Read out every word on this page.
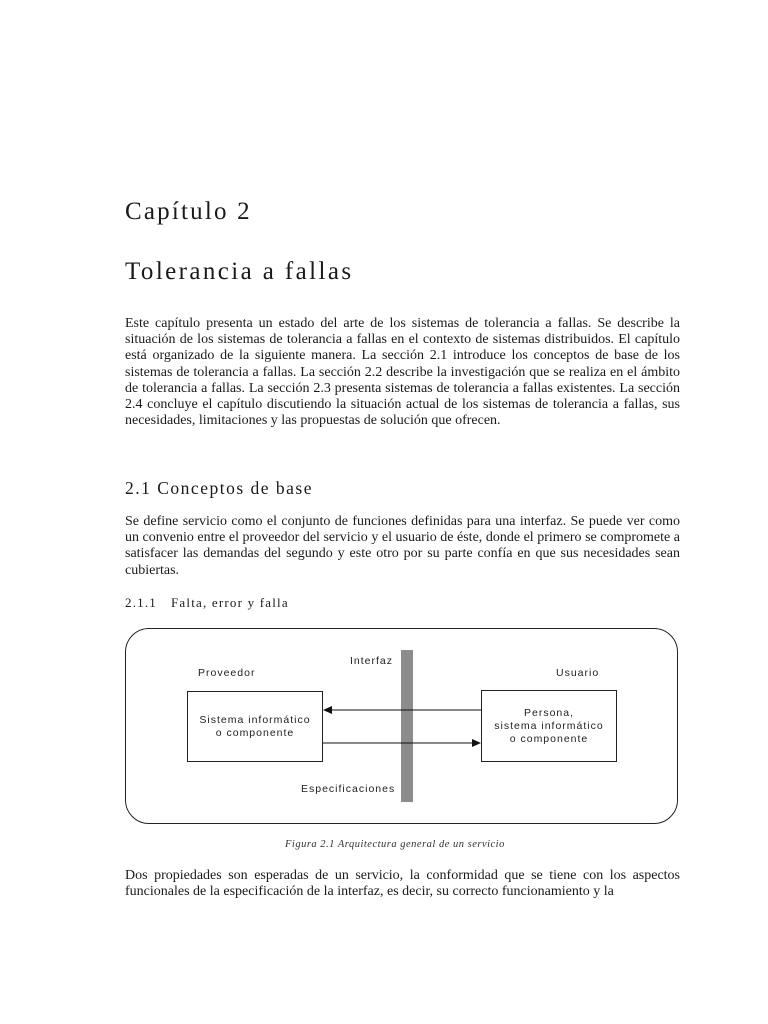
Capítulo 2
Tolerancia a fallas

Este capítulo presenta un estado del arte de los sistemas de tolerancia a fallas. Se describe la situación de los sistemas de tolerancia a fallas en el contexto de sistemas distribuidos. El capítulo está organizado de la siguiente manera. La sección 2.1 introduce los conceptos de base de los sistemas de tolerancia a fallas. La sección 2.2 describe la investigación que se realiza en el ámbito de tolerancia a fallas. La sección 2.3 presenta sistemas de tolerancia a fallas existentes. La sección 2.4 concluye el capítulo discutiendo la situación actual de los sistemas de tolerancia a fallas, sus necesidades, limitaciones y las propuestas de solución que ofrecen.

2.1 Conceptos de base

Se define servicio como el conjunto de funciones definidas para una interfaz. Se puede ver como un convenio entre el proveedor del servicio y el usuario de éste, donde el primero se compromete a satisfacer las demandas del segundo y este otro por su parte confía en que sus necesidades sean cubiertas.

2.1.1 Falta, error y falla
Interfaz
Proveedor	Usuario
Especificaciones
Sistema informático
o componente
Persona,
sistema informático
o componente
Figura 2.1 Arquitectura general de un servicio

Dos propiedades son esperadas de un servicio, la conformidad que se tiene con los aspectos funcionales de la especificación de la interfaz, es decir, su correcto funcionamiento y la
